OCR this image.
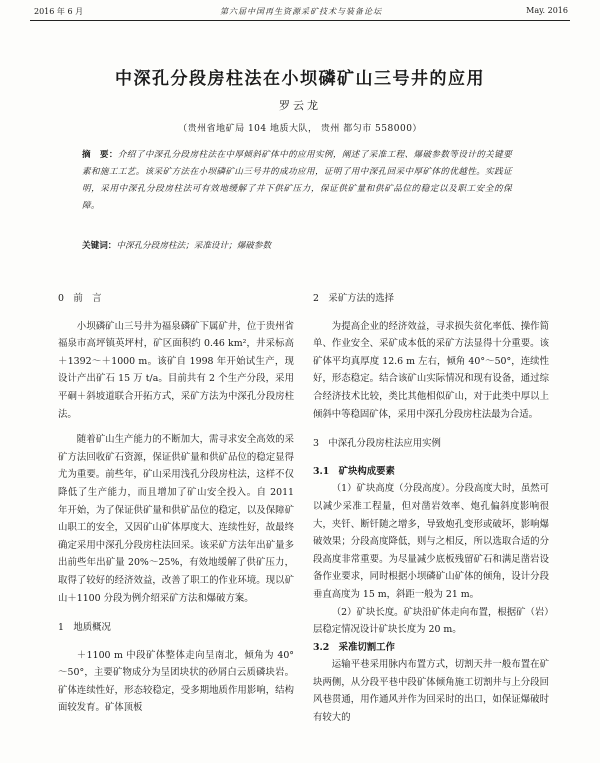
2016 年 6 月	第六届中国再生资源采矿技术与装备论坛	May. 2016
中深孔分段房柱法在小坝磷矿山三号井的应用
罗云龙
（贵州省地矿局 104 地质大队， 贵州 都匀市 558000）
摘　要：介绍了中深孔分段房柱法在中厚倾斜矿体中的应用实例，阐述了采准工程、爆破参数等设计的关键要素和施工工艺。该采矿方法在小坝磷矿山三号井的成功应用，证明了用中深孔回采中厚矿体的优越性。实践证明，采用中深孔分段房柱法可有效地缓解了井下供矿压力，保证供矿量和供矿品位的稳定以及职工安全的保障。
关键词：中深孔分段房柱法；采准设计；爆破参数
0　前　言

小坝磷矿山三号井为福泉磷矿下属矿井，位于贵州省福泉市高坪镇英坪村，矿区面积约 0.46 km²，井采标高＋1392～＋1000 m。该矿自 1998 年开始试生产，现设计产出矿石 15 万 t/a。目前共有 2 个生产分段，采用平硐＋斜坡道联合开拓方式，采矿方法为中深孔分段房柱法。

随着矿山生产能力的不断加大，需寻求安全高效的采矿方法回收矿石资源，保证供矿量和供矿品位的稳定显得尤为重要。前些年，矿山采用浅孔分段房柱法，这样不仅降低了生产能力，而且增加了矿山安全投入。自 2011 年开始，为了保证供矿量和供矿品位的稳定，以及保障矿山职工的安全，又因矿山矿体厚度大、连续性好，故最终确定采用中深孔分段房柱法回采。该采矿方法年出矿量多出前些年出矿量 20%～25%，有效地缓解了供矿压力，取得了较好的经济效益，改善了职工的作业环境。现以矿山＋1100 分段为例介绍采矿方法和爆破方案。

1　地质概况

＋1100 m 中段矿体整体走向呈南北，倾角为 40°～50°，主要矿物成分为呈团块状的砂屑白云质磷块岩。矿体连续性好，形态较稳定，受多期地质作用影响，结构面较发育。矿体顶板

2　采矿方法的选择

为提高企业的经济效益，寻求损失贫化率低、操作简单、作业安全、采矿成本低的采矿方法显得十分重要。该矿体平均真厚度 12.6 m 左右，倾角 40°～50°，连续性好，形态稳定。结合该矿山实际情况和现有设备，通过综合经济技术比较，类比其他相似矿山，对于此类中厚以上倾斜中等稳固矿体，采用中深孔分段房柱法最为合适。

3　中深孔分段房柱法应用实例
3.1　矿块构成要素

（1）矿块高度（分段高度）。分段高度大时，虽然可以减少采准工程量，但对凿岩效率、炮孔偏斜度影响很大，夹钎、断钎随之增多，导致炮孔变形或破坏，影响爆破效果；分段高度降低，则与之相反，所以选取合适的分段高度非常重要。为尽量减少底板残留矿石和满足凿岩设备作业要求，同时根据小坝磷矿山矿体的倾角，设计分段垂直高度为 15 m，斜距一般为 21 m。

（2）矿块长度。矿块沿矿体走向布置，根据矿（岩）层稳定情况设计矿块长度为 20 m。

3.2　采准切割工作

运输平巷采用脉内布置方式，切割天井一般布置在矿块两侧，从分段平巷中段矿体倾角施工切割井与上分段回风巷贯通，用作通风并作为回采时的出口，如保证爆破时有较大的
